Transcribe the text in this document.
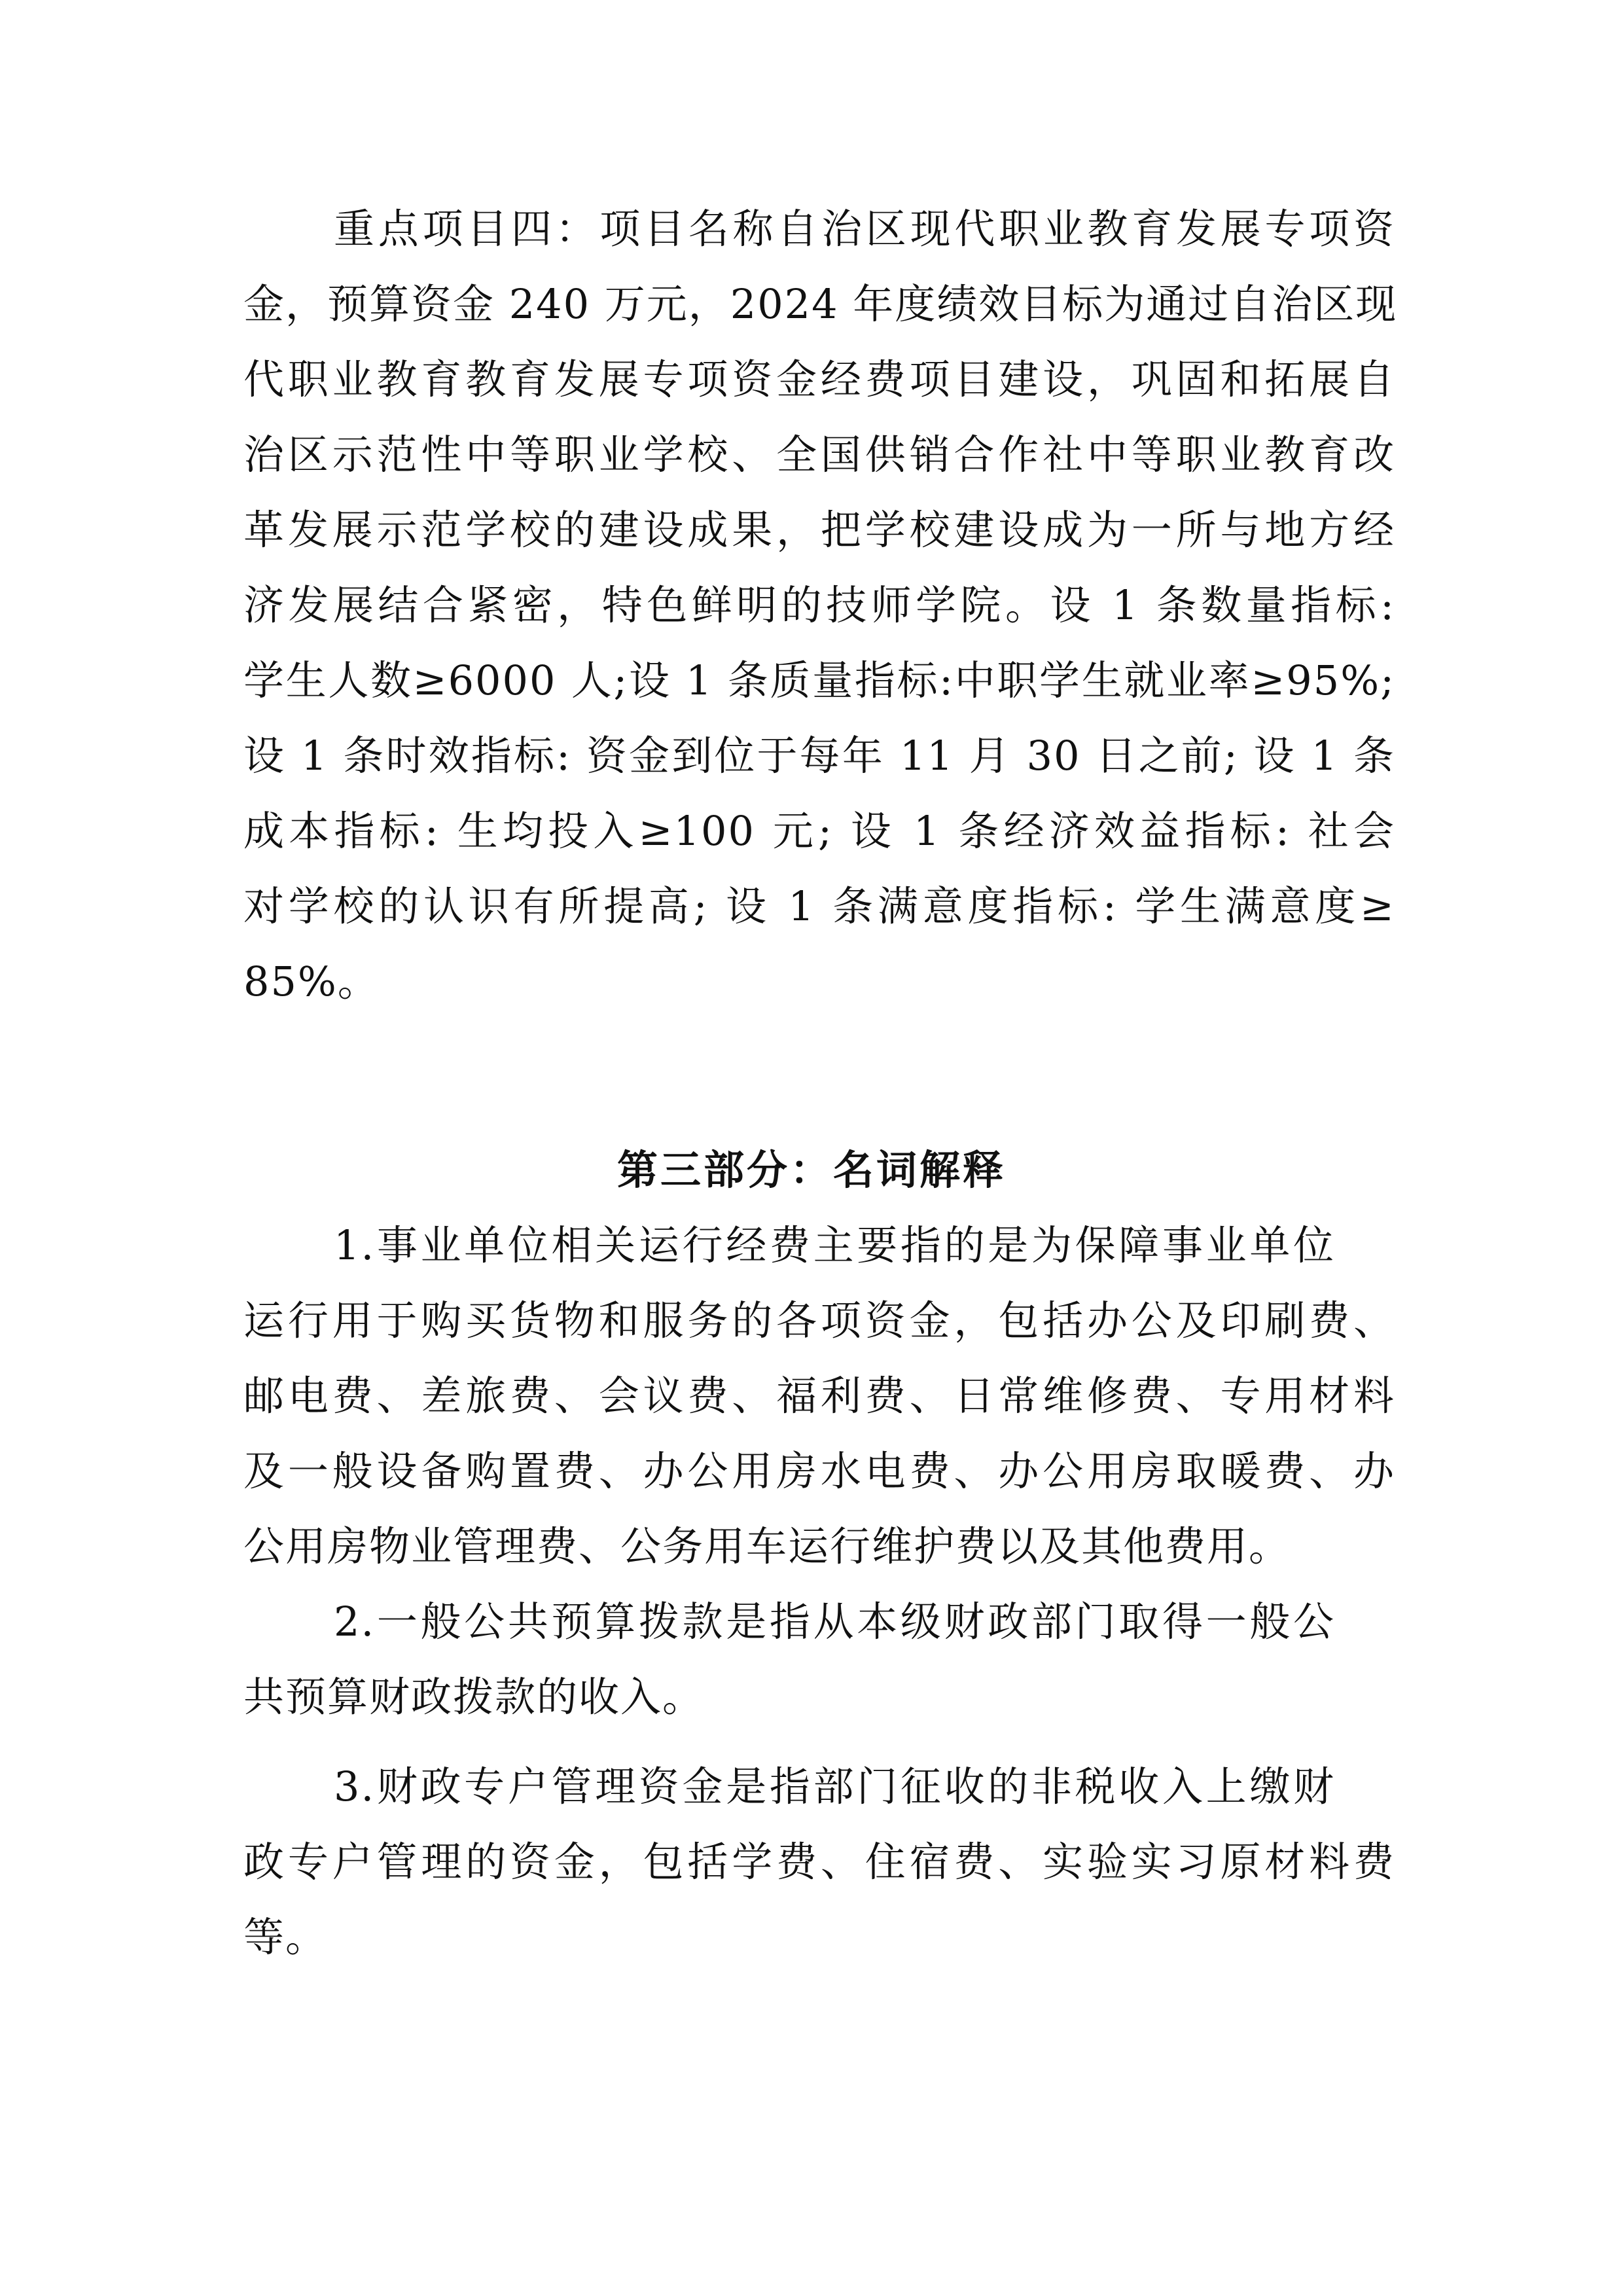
重点项目四：项目名称自治区现代职业教育发展专项资
金，预算资金 240 万元，2024 年度绩效目标为通过自治区现
代职业教育教育发展专项资金经费项目建设，巩固和拓展自
治区示范性中等职业学校、全国供销合作社中等职业教育改
革发展示范学校的建设成果，把学校建设成为一所与地方经
济发展结合紧密，特色鲜明的技师学院。设 1 条数量指标:
学生人数≥6000 人;设 1 条质量指标:中职学生就业率≥95%;
设 1 条时效指标: 资金到位于每年 11 月 30 日之前; 设 1 条
成本指标: 生均投入≥100 元; 设 1 条经济效益指标: 社会
对学校的认识有所提高; 设 1 条满意度指标: 学生满意度≥
85%。
第三部分：名词解释
1.事业单位相关运行经费主要指的是为保障事业单位
运行用于购买货物和服务的各项资金，包括办公及印刷费、
邮电费、差旅费、会议费、福利费、日常维修费、专用材料
及一般设备购置费、办公用房水电费、办公用房取暖费、办
公用房物业管理费、公务用车运行维护费以及其他费用。
2.一般公共预算拨款是指从本级财政部门取得一般公
共预算财政拨款的收入。
3.财政专户管理资金是指部门征收的非税收入上缴财
政专户管理的资金，包括学费、住宿费、实验实习原材料费
等。
